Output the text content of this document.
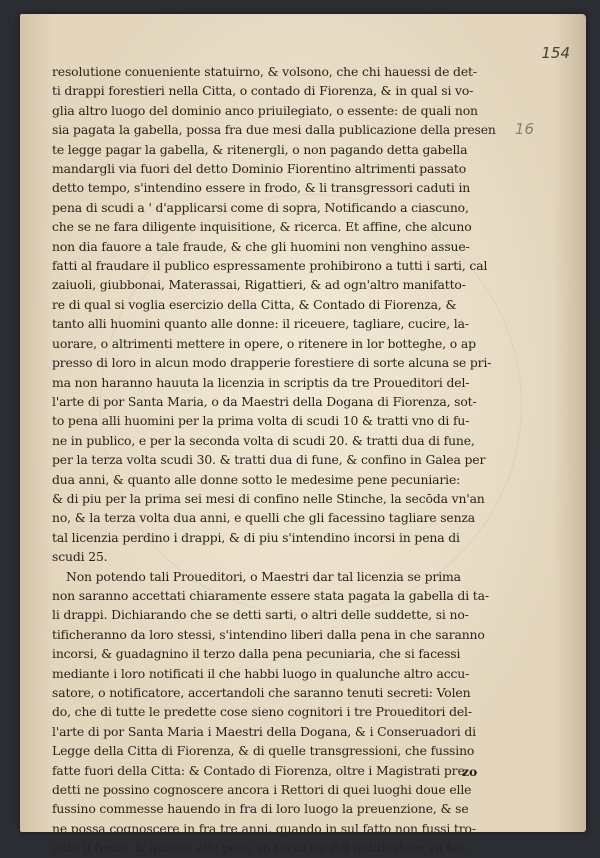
154
16

resolutione conueniente statuirno, & volsono, che chi hauessi de det-
ti drappi forestieri nella Citta, o contado di Fiorenza, & in qual si vo-
glia altro luogo del dominio anco priuilegiato, o essente: de quali non
sia pagata la gabella, possa fra due mesi dalla publicazione della presen
te legge pagar la gabella, & ritenergli, o non pagando detta gabella
mandargli via fuori del detto Dominio Fiorentino altrimenti passato
detto tempo, s'intendino essere in frodo, & li transgressori caduti in
pena di scudi a ' d'applicarsi come di sopra, Notificando a ciascuno,
che se ne fara diligente inquisitione, & ricerca. Et affine, che alcuno
non dia fauore a tale fraude, & che gli huomini non venghino assue-
fatti al fraudare il publico espressamente prohibirono a tutti i sarti, cal
zaiuoli, giubbonai, Materassai, Rigattieri, & ad ogn'altro manifatto-
re di qual si voglia esercizio della Citta, & Contado di Fiorenza, &
tanto alli huomini quanto alle donne: il riceuere, tagliare, cucire, la-
uorare, o altrimenti mettere in opere, o ritenere in lor botteghe, o ap
presso di loro in alcun modo drapperie forestiere di sorte alcuna se pri-
ma non haranno hauuta la licenzia in scriptis da tre Proueditori del-
l'arte di por Santa Maria, o da Maestri della Dogana di Fiorenza, sot-
to pena alli huomini per la prima volta di scudi 10 & tratti vno di fu-
ne in publico, e per la seconda volta di scudi 20. & tratti dua di fune,
per la terza volta scudi 30. & tratti dua di fune, & confino in Galea per
dua anni, & quanto alle donne sotto le medesime pene pecuniarie:
& di piu per la prima sei mesi di confino nelle Stinche, la secōda vn'an
no, & la terza volta dua anni, e quelli che gli facessino tagliare senza
tal licenzia perdino i drappi, & di piu s'intendino incorsi in pena di
scudi 25.

Non potendo tali Proueditori, o Maestri dar tal licenzia se prima
non saranno accettati chiaramente essere stata pagata la gabella di ta-
li drappi. Dichiarando che se detti sarti, o altri delle suddette, si no-
tificheranno da loro stessi, s'intendino liberi dalla pena in che saranno
incorsi, & guadagnino il terzo dalla pena pecuniaria, che si facessi
mediante i loro notificati il che habbi luogo in qualunche altro accu-
satore, o notificatore, accertandoli che saranno tenuti secreti: Volen
do, che di tutte le predette cose sieno cognitori i tre Proueditori del-
l'arte di por Santa Maria i Maestri della Dogana, & i Conseruadori di
Legge della Citta di Fiorenza, & di quelle transgressioni, che fussino
fatte fuori della Citta: & Contado di Fiorenza, oltre i Magistrati pre
detti ne possino cognoscere ancora i Rettori di quei luoghi doue elle
fussino commesse hauendo in fra di loro luogo la preuenzione, & se
ne possa cognoscere in fra tre anni, quando in sul fatto non fussi tro-
uato il frodo: & quanto alle pene vn terzo sia del notificatore vn ter-

zo
